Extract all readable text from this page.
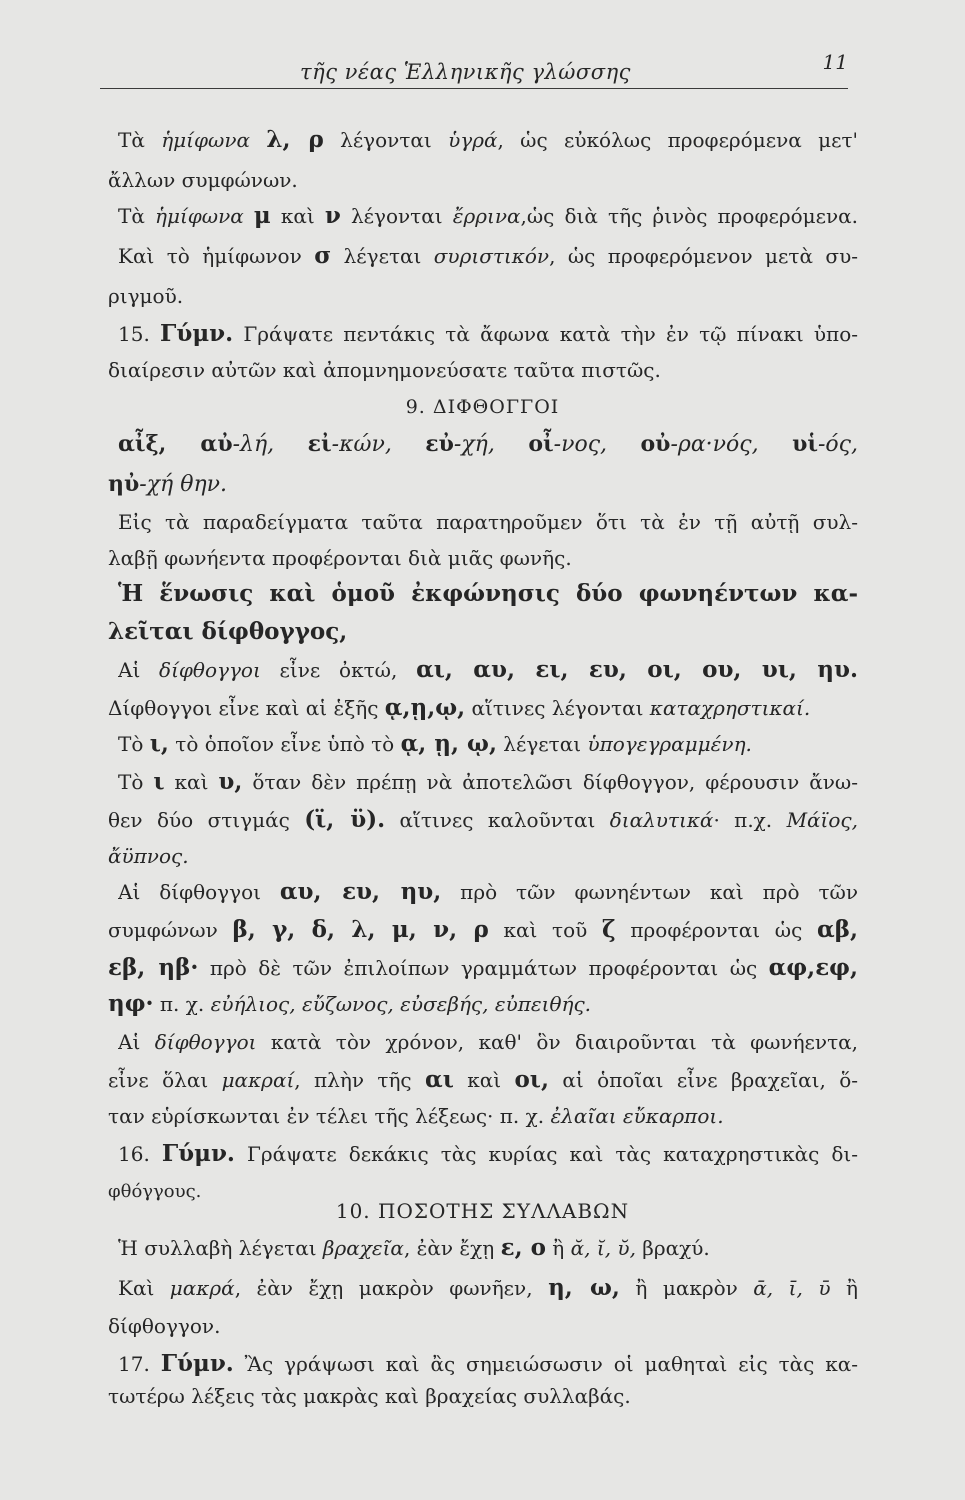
τῆς νέας Ἑλληνικῆς γλώσσης	11
Τὰ ἡμίφωνα λ, ρ λέγονται ὑγρά, ὡς εὐκόλως προφερόμενα μετ'
ἄλλων συμφώνων.
Τὰ ἡμίφωνα μ καὶ ν λέγονται ἔρρινα,ὡς διὰ τῆς ῥινὸς προφερόμενα.
Καὶ τὸ ἡμίφωνον σ λέγεται συριστικόν, ὡς προφερόμενον μετὰ συ-
ριγμοῦ.
15. Γύμν. Γράψατε πεντάκις τὰ ἄφωνα κατὰ τὴν ἐν τῷ πίνακι ὑπο-
διαίρεσιν αὐτῶν καὶ ἀπομνημονεύσατε ταῦτα πιστῶς.
9. ΔΙΦΘΟΓΓΟΙ
αἶξ, αὐ-λή, εἰ-κών, εὐ-χή, οἶ-νος, οὐ-ρα·νός, υἱ-ός,
ηὐ-χή θην.
Εἰς τὰ παραδείγματα ταῦτα παρατηροῦμεν ὅτι τὰ ἐν τῇ αὐτῇ συλ-
λαβῇ φωνήεντα προφέρονται διὰ μιᾶς φωνῆς.
Ἡ ἕνωσις καὶ ὁμοῦ ἐκφώνησις δύο φωνηέντων κα-
λεῖται δίφθογγος,
Αἱ δίφθογγοι εἶνε ὀκτώ, αι, αυ, ει, ευ, οι, ου, υι, ηυ.
Δίφθογγοι εἶνε καὶ αἱ ἑξῆς ᾳ,ῃ,ῳ, αἵτινες λέγονται καταχρηστικαί.
Τὸ ι, τὸ ὁποῖον εἶνε ὑπὸ τὸ ᾳ, ῃ, ῳ, λέγεται ὑπογεγραμμένη.
Τὸ ι καὶ υ, ὅταν δὲν πρέπῃ νὰ ἀποτελῶσι δίφθογγον, φέρουσιν ἄνω-
θεν δύο στιγμάς (ϊ, ϋ). αἵτινες καλοῦνται διαλυτικά· π.χ. Μάϊος,
ἄϋπνος.
Αἱ δίφθογγοι αυ, ευ, ηυ, πρὸ τῶν φωνηέντων καὶ πρὸ τῶν
συμφώνων β, γ, δ, λ, μ, ν, ρ καὶ τοῦ ζ προφέρονται ὡς αβ,
εβ, ηβ· πρὸ δὲ τῶν ἐπιλοίπων γραμμάτων προφέρονται ὡς αφ,εφ,
ηφ· π. χ. εὐήλιος, εὔζωνος, εὐσεβής, εὐπειθής.
Αἱ δίφθογγοι κατὰ τὸν χρόνον, καθ' ὃν διαιροῦνται τὰ φωνήεντα,
εἶνε ὅλαι μακραί, πλὴν τῆς αι καὶ οι, αἱ ὁποῖαι εἶνε βραχεῖαι, ὅ-
ταν εὑρίσκωνται ἐν τέλει τῆς λέξεως· π. χ. ἐλαῖαι εὔκαρποι.
16. Γύμν. Γράψατε δεκάκις τὰς κυρίας καὶ τὰς καταχρηστικὰς δι-
φθόγγους.
10. ΠΟΣΟΤΗΣ ΣΥΛΛΑΒΩΝ
Ἡ συλλαβὴ λέγεται βραχεῖα, ἐὰν ἔχῃ ε, ο ἢ ᾰ, ῐ, ῠ, βραχύ.
Καὶ μακρά, ἐὰν ἔχῃ μακρὸν φωνῆεν, η, ω, ἢ μακρὸν ᾱ, ῑ, ῡ ἢ
δίφθογγον.
17. Γύμν. Ἂς γράψωσι καὶ ἂς σημειώσωσιν οἱ μαθηταὶ εἰς τὰς κα-
τωτέρω λέξεις τὰς μακρὰς καὶ βραχείας συλλαβάς.
